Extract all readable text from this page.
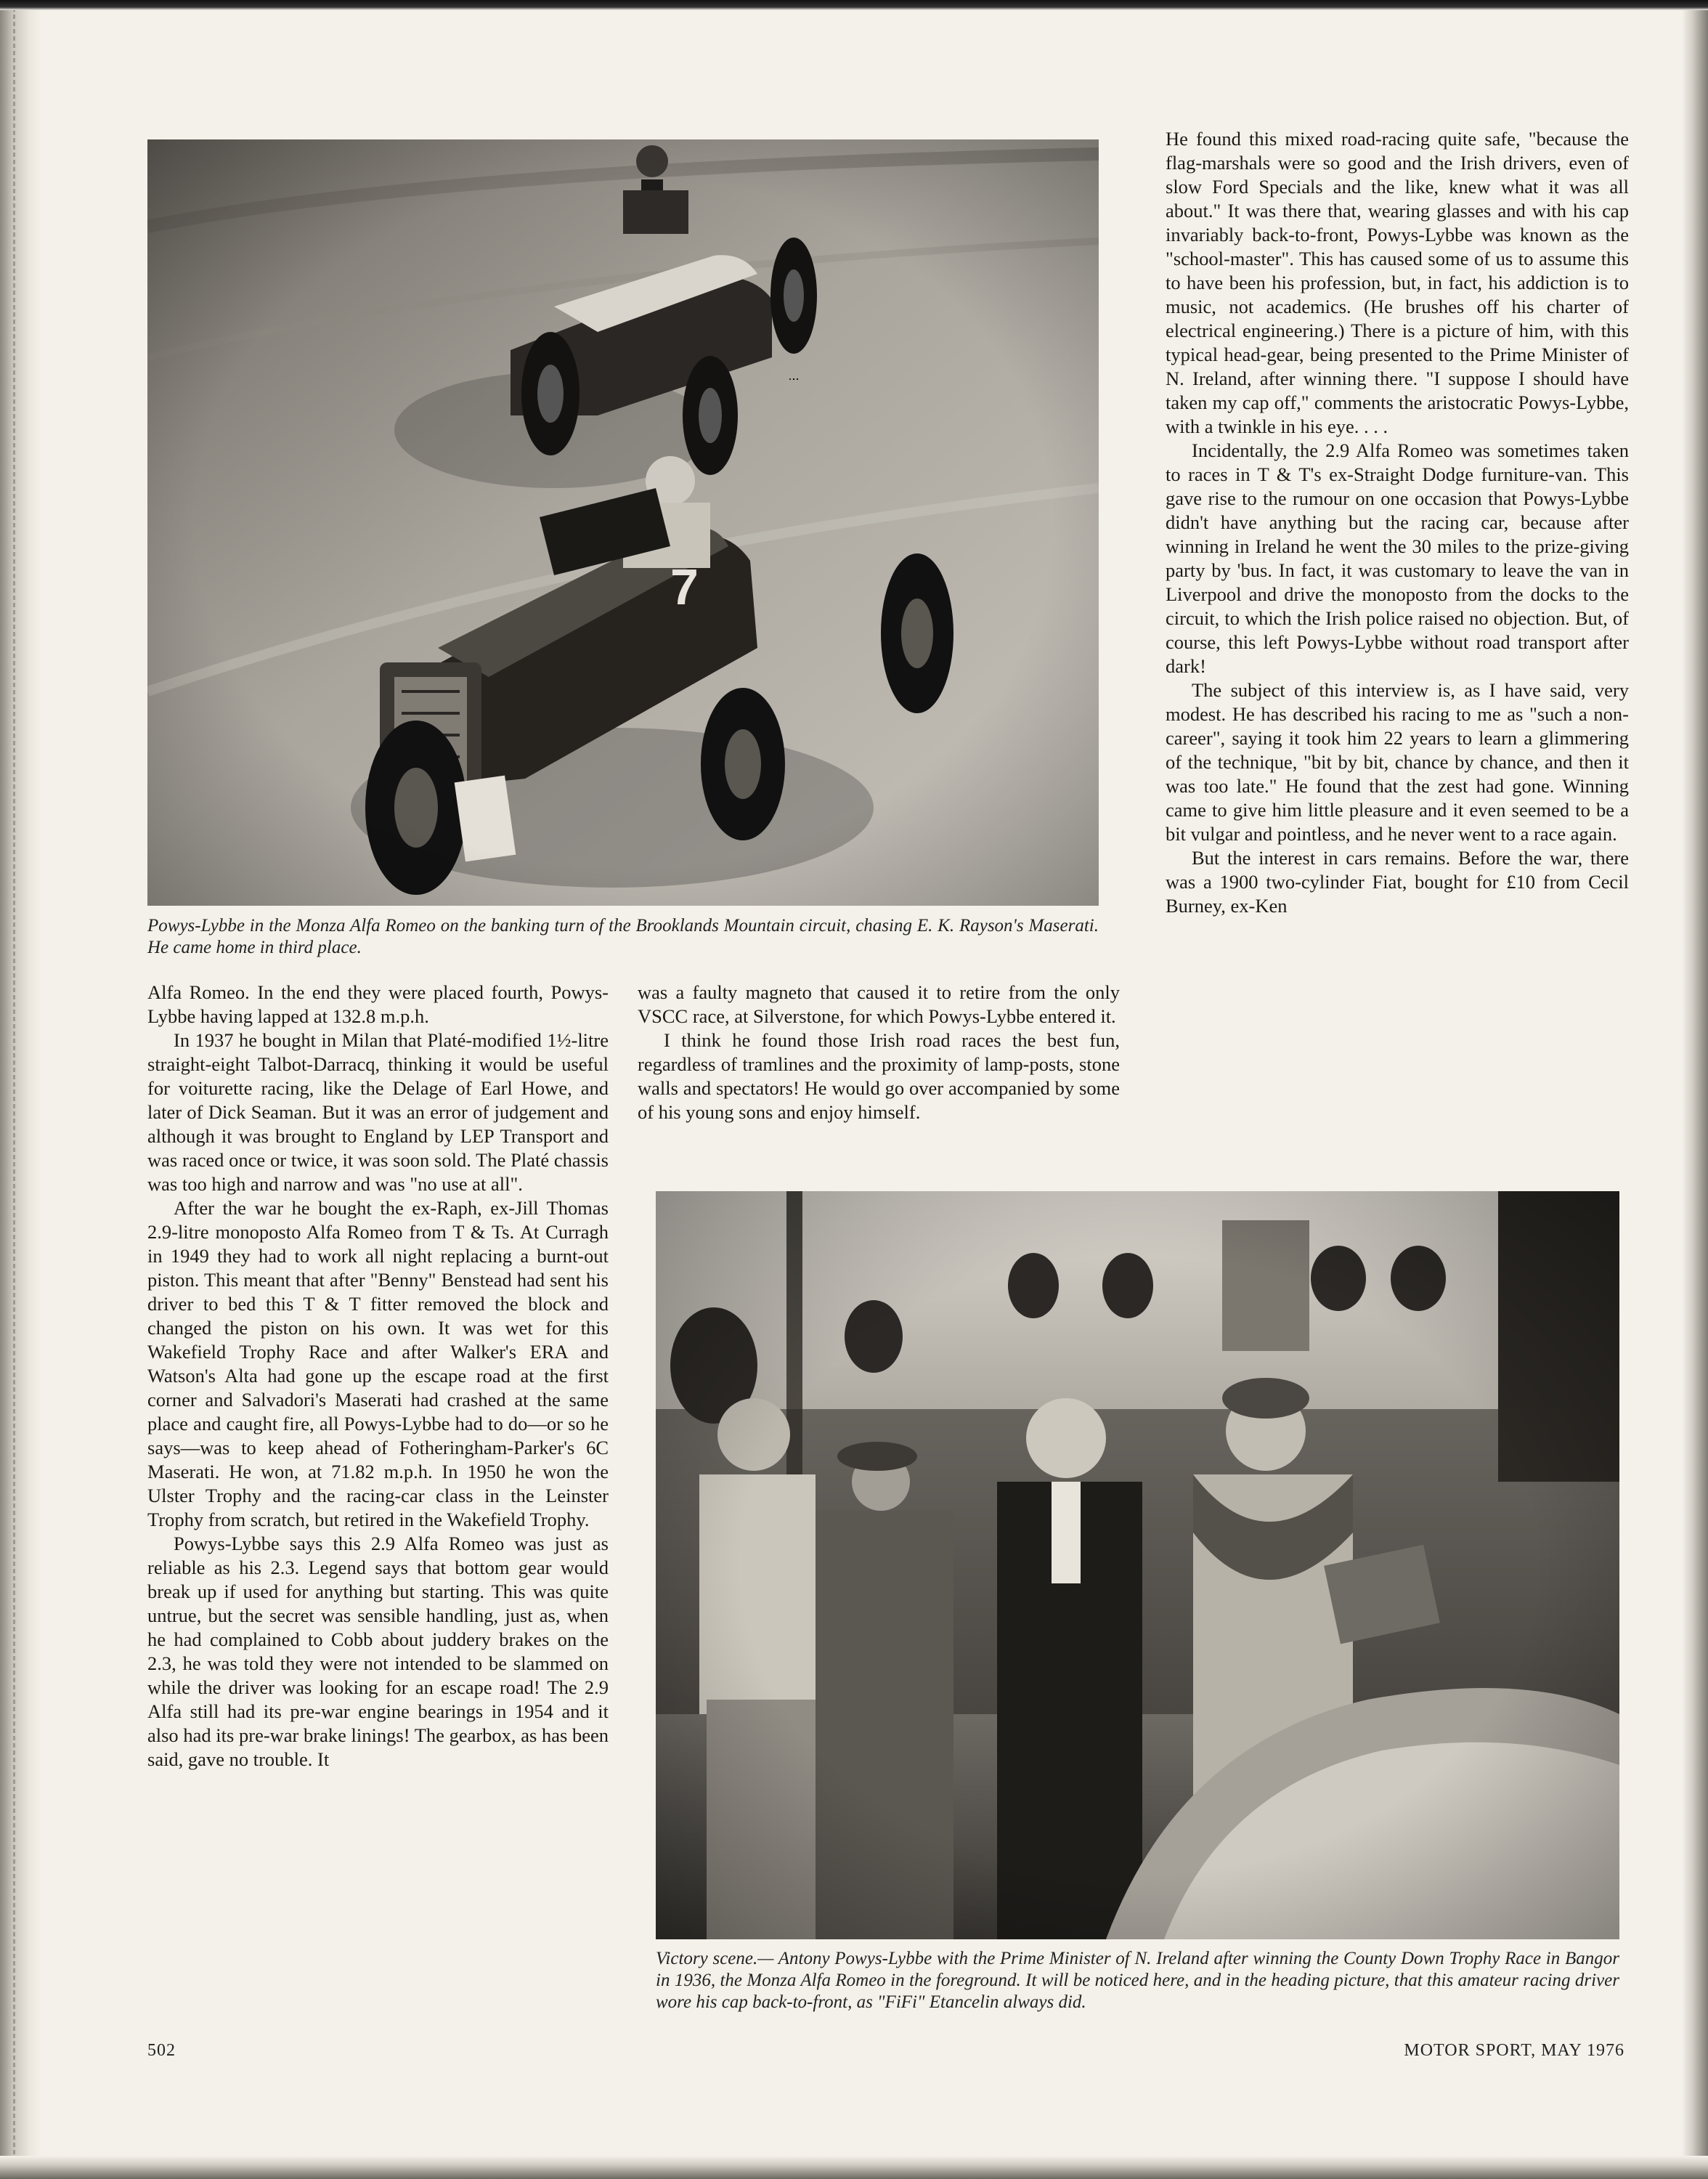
Powys-Lybbe in the Monza Alfa Romeo on the banking turn of the Brooklands Mountain circuit, chasing E. K. Rayson's Maserati. He came home in third place.

Alfa Romeo. In the end they were placed fourth, Powys-Lybbe having lapped at 132.8 m.p.h.

In 1937 he bought in Milan that Platé-modified 1½-litre straight-eight Talbot-Darracq, thinking it would be useful for voiturette racing, like the Delage of Earl Howe, and later of Dick Seaman. But it was an error of judgement and although it was brought to England by LEP Transport and was raced once or twice, it was soon sold. The Platé chassis was too high and narrow and was "no use at all".

After the war he bought the ex-Raph, ex-Jill Thomas 2.9-litre monoposto Alfa Romeo from T & Ts. At Curragh in 1949 they had to work all night replacing a burnt-out piston. This meant that after "Benny" Benstead had sent his driver to bed this T & T fitter removed the block and changed the piston on his own. It was wet for this Wakefield Trophy Race and after Walker's ERA and Watson's Alta had gone up the escape road at the first corner and Salvadori's Maserati had crashed at the same place and caught fire, all Powys-Lybbe had to do—or so he says—was to keep ahead of Fotheringham-Parker's 6C Maserati. He won, at 71.82 m.p.h. In 1950 he won the Ulster Trophy and the racing-car class in the Leinster Trophy from scratch, but retired in the Wakefield Trophy.

Powys-Lybbe says this 2.9 Alfa Romeo was just as reliable as his 2.3. Legend says that bottom gear would break up if used for anything but starting. This was quite untrue, but the secret was sensible handling, just as, when he had complained to Cobb about juddery brakes on the 2.3, he was told they were not intended to be slammed on while the driver was looking for an escape road! The 2.9 Alfa still had its pre-war engine bearings in 1954 and it also had its pre-war brake linings! The gearbox, as has been said, gave no trouble. It

was a faulty magneto that caused it to retire from the only VSCC race, at Silverstone, for which Powys-Lybbe entered it.

I think he found those Irish road races the best fun, regardless of tramlines and the proximity of lamp-posts, stone walls and spectators! He would go over accompanied by some of his young sons and enjoy himself.

He found this mixed road-racing quite safe, "because the flag-marshals were so good and the Irish drivers, even of slow Ford Specials and the like, knew what it was all about." It was there that, wearing glasses and with his cap invariably back-to-front, Powys-Lybbe was known as the "school-master". This has caused some of us to assume this to have been his profession, but, in fact, his addiction is to music, not academics. (He brushes off his charter of electrical engineering.) There is a picture of him, with this typical head-gear, being presented to the Prime Minister of N. Ireland, after winning there. "I suppose I should have taken my cap off," comments the aristocratic Powys-Lybbe, with a twinkle in his eye. . . .

Incidentally, the 2.9 Alfa Romeo was sometimes taken to races in T & T's ex-Straight Dodge furniture-van. This gave rise to the rumour on one occasion that Powys-Lybbe didn't have anything but the racing car, because after winning in Ireland he went the 30 miles to the prize-giving party by 'bus. In fact, it was customary to leave the van in Liverpool and drive the monoposto from the docks to the circuit, to which the Irish police raised no objection. But, of course, this left Powys-Lybbe without road transport after dark!

The subject of this interview is, as I have said, very modest. He has described his racing to me as "such a non-career", saying it took him 22 years to learn a glimmering of the technique, "bit by bit, chance by chance, and then it was too late." He found that the zest had gone. Winning came to give him little pleasure and it even seemed to be a bit vulgar and pointless, and he never went to a race again.

But the interest in cars remains. Before the war, there was a 1900 two-cylinder Fiat, bought for £10 from Cecil Burney, ex-Ken

Victory scene.— Antony Powys-Lybbe with the Prime Minister of N. Ireland after winning the County Down Trophy Race in Bangor in 1936, the Monza Alfa Romeo in the foreground. It will be noticed here, and in the heading picture, that this amateur racing driver wore his cap back-to-front, as "FiFi" Etancelin always did.

502	MOTOR SPORT, MAY 1976
